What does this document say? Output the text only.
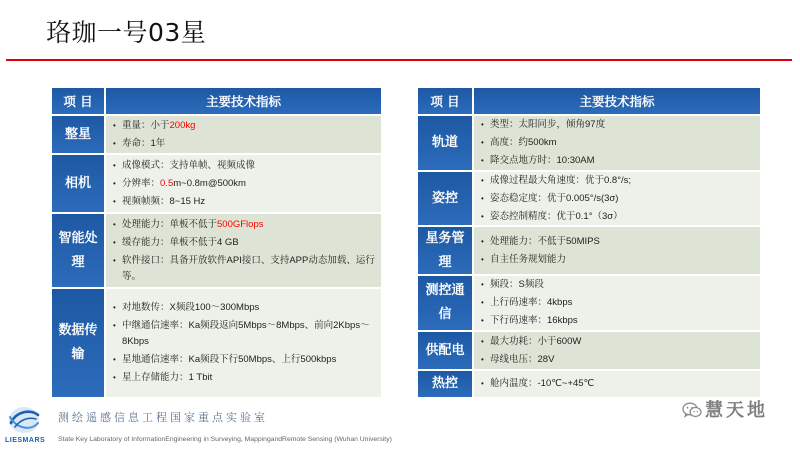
珞珈一号03星
项 目	主要技术指标
整星
•
重量：小于200kg
•
寿命：1年
相机
•
成像模式：支持单帧、视频成像
•
分辨率：0.5m~0.8m@500km
•
视频帧频：8~15 Hz
智能处理
•
处理能力：单板不低于500GFlops
•
缓存能力：单板不低于4 GB
•
软件接口：具备开放软件API接口、支持APP动态加载、运行等。
数据传输
•
对地数传：X频段100～300Mbps
•
中继通信速率：Ka频段返向5Mbps～8Mbps、前向2Kbps～8Kbps
•
星地通信速率：Ka频段下行50Mbps、上行500kbps
•
星上存储能力：1 Tbit
项 目	主要技术指标
轨道
•
类型：太阳同步，倾角97度
•
高度：约500km
•
降交点地方时：10:30AM
姿控
•
成像过程最大角速度：优于0.8°/s;
•
姿态稳定度：优于0.005°/s(3σ)
•
姿态控制精度：优于0.1°（3σ）
星务管理
•
处理能力：不低于50MIPS
•
自主任务规划能力
测控通信
•
频段：S频段
•
上行码速率：4kbps
•
下行码速率：16kbps
供配电
•
最大功耗：小于600W
•
母线电压：28V
热控
•	舱内温度：-10℃~+45℃
LIESMARS
测绘遥感信息工程国家重点实验室
State Key Laboratory of InformationEngineering in Surveying, MappingandRemote Sensing (Wuhan University)
慧天地
